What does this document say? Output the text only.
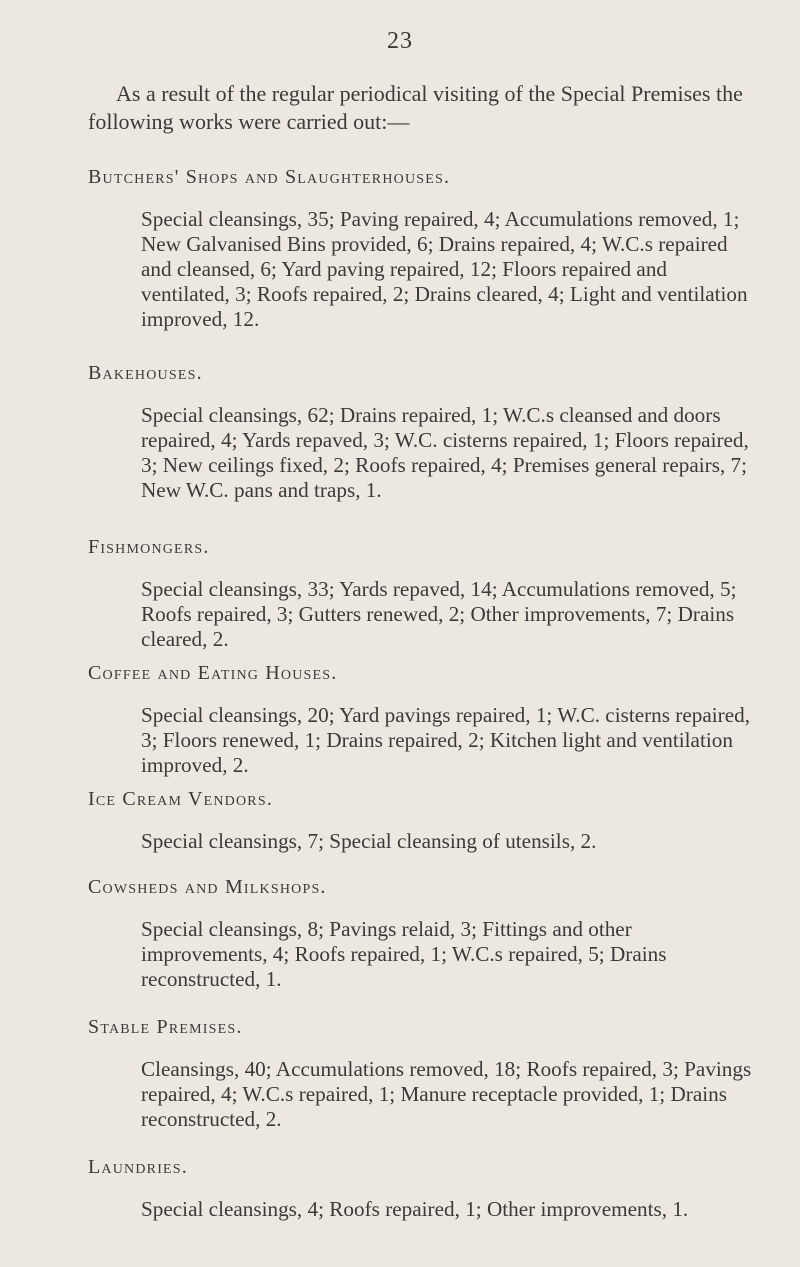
23

As a result of the regular periodical visiting of the Special Premises the following works were carried out:—

Butchers' Shops and Slaughterhouses.
Special cleansings, 35; Paving repaired, 4; Accumulations removed, 1; New Galvanised Bins provided, 6; Drains repaired, 4; W.C.s repaired and cleansed, 6; Yard paving repaired, 12; Floors repaired and ventilated, 3; Roofs repaired, 2; Drains cleared, 4; Light and ventilation improved, 12.
Bakehouses.
Special cleansings, 62; Drains repaired, 1; W.C.s cleansed and doors repaired, 4; Yards repaved, 3; W.C. cisterns repaired, 1; Floors repaired, 3; New ceilings fixed, 2; Roofs repaired, 4; Premises general repairs, 7; New W.C. pans and traps, 1.
Fishmongers.
Special cleansings, 33; Yards repaved, 14; Accumulations removed, 5; Roofs repaired, 3; Gutters renewed, 2; Other improvements, 7; Drains cleared, 2.
Coffee and Eating Houses.
Special cleansings, 20; Yard pavings repaired, 1; W.C. cisterns repaired, 3; Floors renewed, 1; Drains repaired, 2; Kitchen light and ventilation improved, 2.
Ice Cream Vendors.
Special cleansings, 7; Special cleansing of utensils, 2.
Cowsheds and Milkshops.
Special cleansings, 8; Pavings relaid, 3; Fittings and other improvements, 4; Roofs repaired, 1; W.C.s repaired, 5; Drains reconstructed, 1.
Stable Premises.
Cleansings, 40; Accumulations removed, 18; Roofs repaired, 3; Pavings repaired, 4; W.C.s repaired, 1; Manure receptacle provided, 1; Drains reconstructed, 2.
Laundries.
Special cleansings, 4; Roofs repaired, 1; Other improvements, 1.
